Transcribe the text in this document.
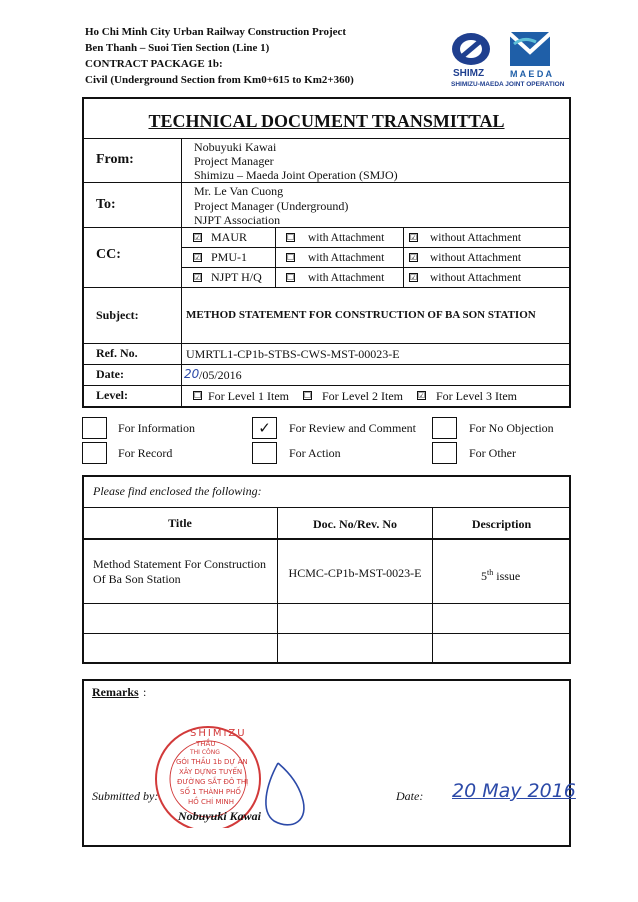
Ho Chi Minh City Urban Railway Construction Project
Ben Thanh – Suoi Tien Section (Line 1)
CONTRACT PACKAGE 1b:
Civil (Underground Section from Km0+615 to Km2+360)
SHIMZ	M A E D A
SHIMIZU-MAEDA JOINT OPERATION
TECHNICAL DOCUMENT TRANSMITTAL
From:
Nobuyuki Kawai
Project Manager
Shimizu – Maeda Joint Operation (SMJO)
To:
Mr. Le Van Cuong
Project Manager (Underground)
NJPT Association
CC:
☑ MAUR	☐ with Attachment	☑ without Attachment
☑ PMU-1	☐ with Attachment	☑ without Attachment
☑ NJPT H/Q	☐ with Attachment	☑ without Attachment
Subject:	METHOD STATEMENT FOR CONSTRUCTION OF BA SON STATION
Ref. No.	UMRTL1-CP1b-STBS-CWS-MST-00023-E
Date:	20 /05/2016
Level:	☐ For Level 1 Item ☐ For Level 2 Item ☑ For Level 3 Item
For Information	✓	For Review and Comment	For No Objection
For Record	For Action	For Other
Please find enclosed the following:
Title	Doc. No/Rev. No	Description
Method Statement For Construction
Of Ba Son Station	HCMC-CP1b-MST-0023-E	5th issue
Remarks :
Submitted by:	Date: 20 May 2016
SHIMIZU
THẦU
THI CÔNG
GÓI THẦU 1b DỰ ÁN
XÂY DỰNG TUYẾN
ĐƯỜNG SẮT ĐÔ THỊ
SỐ 1 THÀNH PHỐ
HỒ CHÍ MINH
Nobuyuki Kawai
